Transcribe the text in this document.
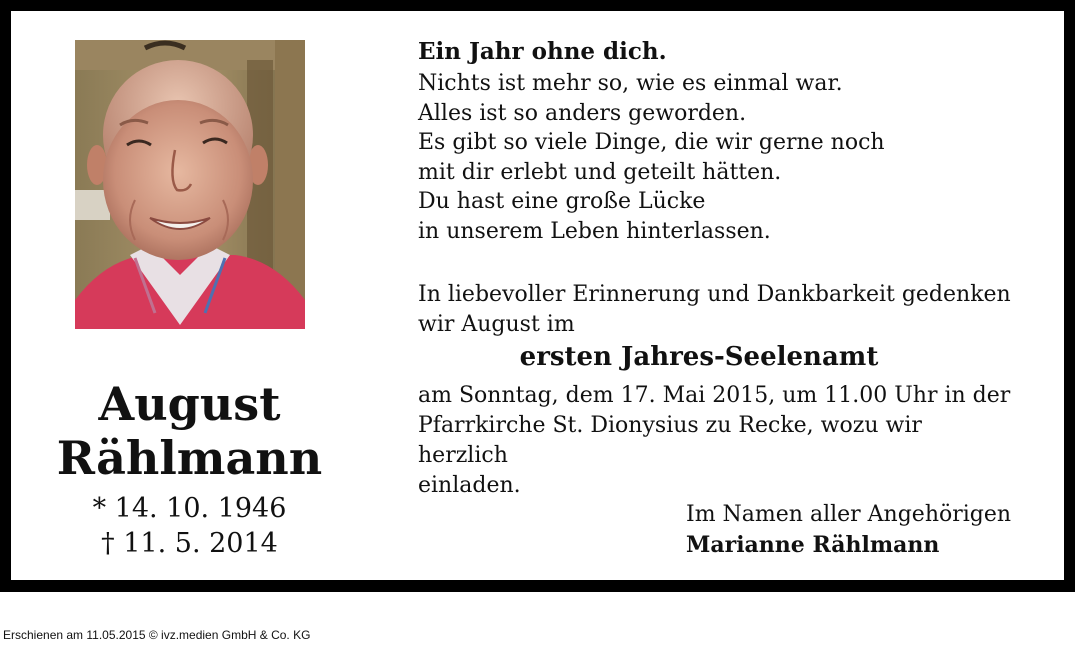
August
Rählmann
* 14. 10. 1946
† 11. 5. 2014
Ein Jahr ohne dich.
Nichts ist mehr so, wie es einmal war.
Alles ist so anders geworden.
Es gibt so viele Dinge, die wir gerne noch
mit dir erlebt und geteilt hätten.
Du hast eine große Lücke
in unserem Leben hinterlassen.
In liebevoller Erinnerung und Dankbarkeit gedenken
wir August im
ersten Jahres-Seelenamt
am Sonntag, dem 17. Mai 2015, um 11.00 Uhr in der
Pfarrkirche St. Dionysius zu Recke, wozu wir herzlich
einladen.
Im Namen aller Angehörigen
Marianne Rählmann
Erschienen am 11.05.2015 © ivz.medien GmbH & Co. KG
